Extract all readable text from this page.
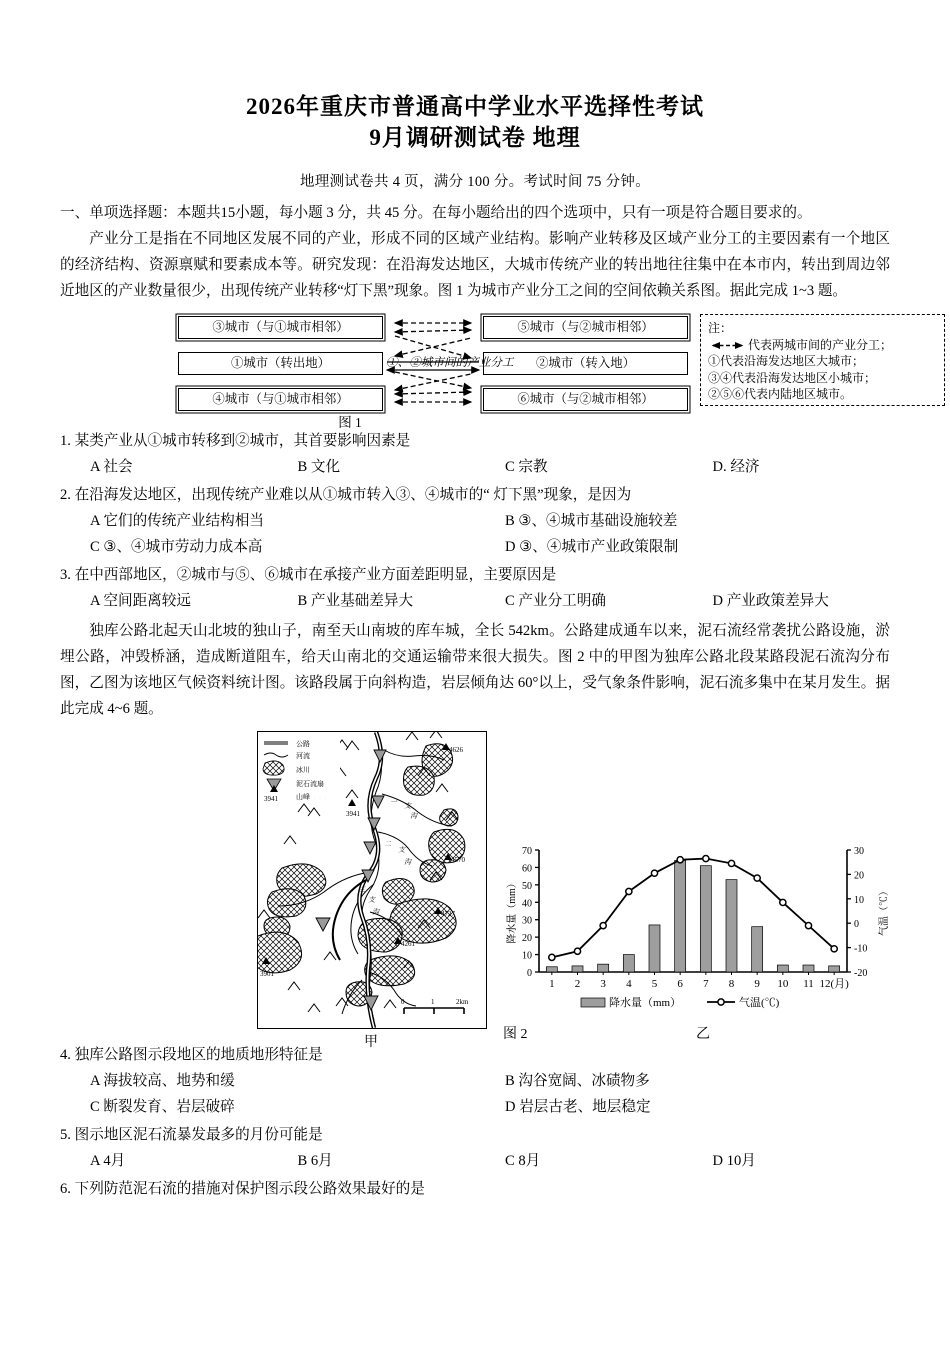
2026年重庆市普通高中学业水平选择性考试
9月调研测试卷 地理
地理测试卷共 4 页，满分 100 分。考试时间 75 分钟。
一、单项选择题：本题共15小题，每小题 3 分，共 45 分。在每小题给出的四个选项中，只有一项是符合题目要求的。
产业分工是指在不同地区发展不同的产业，形成不同的区域产业结构。影响产业转移及区域产业分工的主要因素有一个地区的经济结构、资源禀赋和要素成本等。研究发现：在沿海发达地区，大城市传统产业的转出地往往集中在本市内，转出到周边邻近地区的产业数量很少，出现传统产业转移“灯下黑”现象。图 1 为城市产业分工之间的空间依赖关系图。据此完成 1~3 题。
③城市（与①城市相邻）
①城市（转出地）
④城市（与①城市相邻）
⑤城市（与②城市相邻）
②城市（转入地）
⑥城市（与②城市相邻）
①、②城市间的产业分工
注：
代表两城市间的产业分工；
①代表沿海发达地区大城市；
③④代表沿海发达地区小城市；
②⑤⑥代表内陆地区城市。
图 1
1. 某类产业从①城市转移到②城市，其首要影响因素是
A 社会	B 文化	C 宗教	D. 经济
2. 在沿海发达地区，出现传统产业难以从①城市转入③、④城市的“ 灯下黑”现象，是因为
A 它们的传统产业结构相当	B ③、④城市基础设施较差
C ③、④城市劳动力成本高	D ③、④城市产业政策限制
3. 在中西部地区，②城市与⑤、⑥城市在承接产业方面差距明显，主要原因是
A 空间距离较远	B 产业基础差异大	C 产业分工明确	D 产业政策差异大
独库公路北起天山北坡的独山子，南至天山南坡的库车城，全长 542km。公路建成通车以来，泥石流经常袭扰公路设施，淤埋公路，冲毁桥涵，造成断道阻车，给天山南北的交通运输带来很大损失。图 2 中的甲图为独库公路北段某路段泥石流沟分布图，乙图为该地区气候资料统计图。该路段属于向斜构造，岩层倾角达 60°以上，受气象条件影响，泥石流多集中在某月发生。据此完成 4~6 题。
4626
3941
4570
4727
4261
3901
一 支
沟
二
支
沟
三
支
沟
公路
河流
冰川
泥石流扇
3941	山峰
0	1	2km
甲
0
10
20
30
40
50
60
70
-20
-10
0
10
20
30
1 2 3 4 5 6 7 8 9 10 11 12(月)
降水量（mm）	气温（℃）
降水量（mm）	气温(℃)
图 2	乙
4. 独库公路图示段地区的地质地形特征是
A 海拔较高、地势和缓	B 沟谷宽阔、冰碛物多
C 断裂发育、岩层破碎	D 岩层古老、地层稳定
5. 图示地区泥石流暴发最多的月份可能是
A 4月	B 6月	C 8月	D 10月
6. 下列防范泥石流的措施对保护图示段公路效果最好的是
